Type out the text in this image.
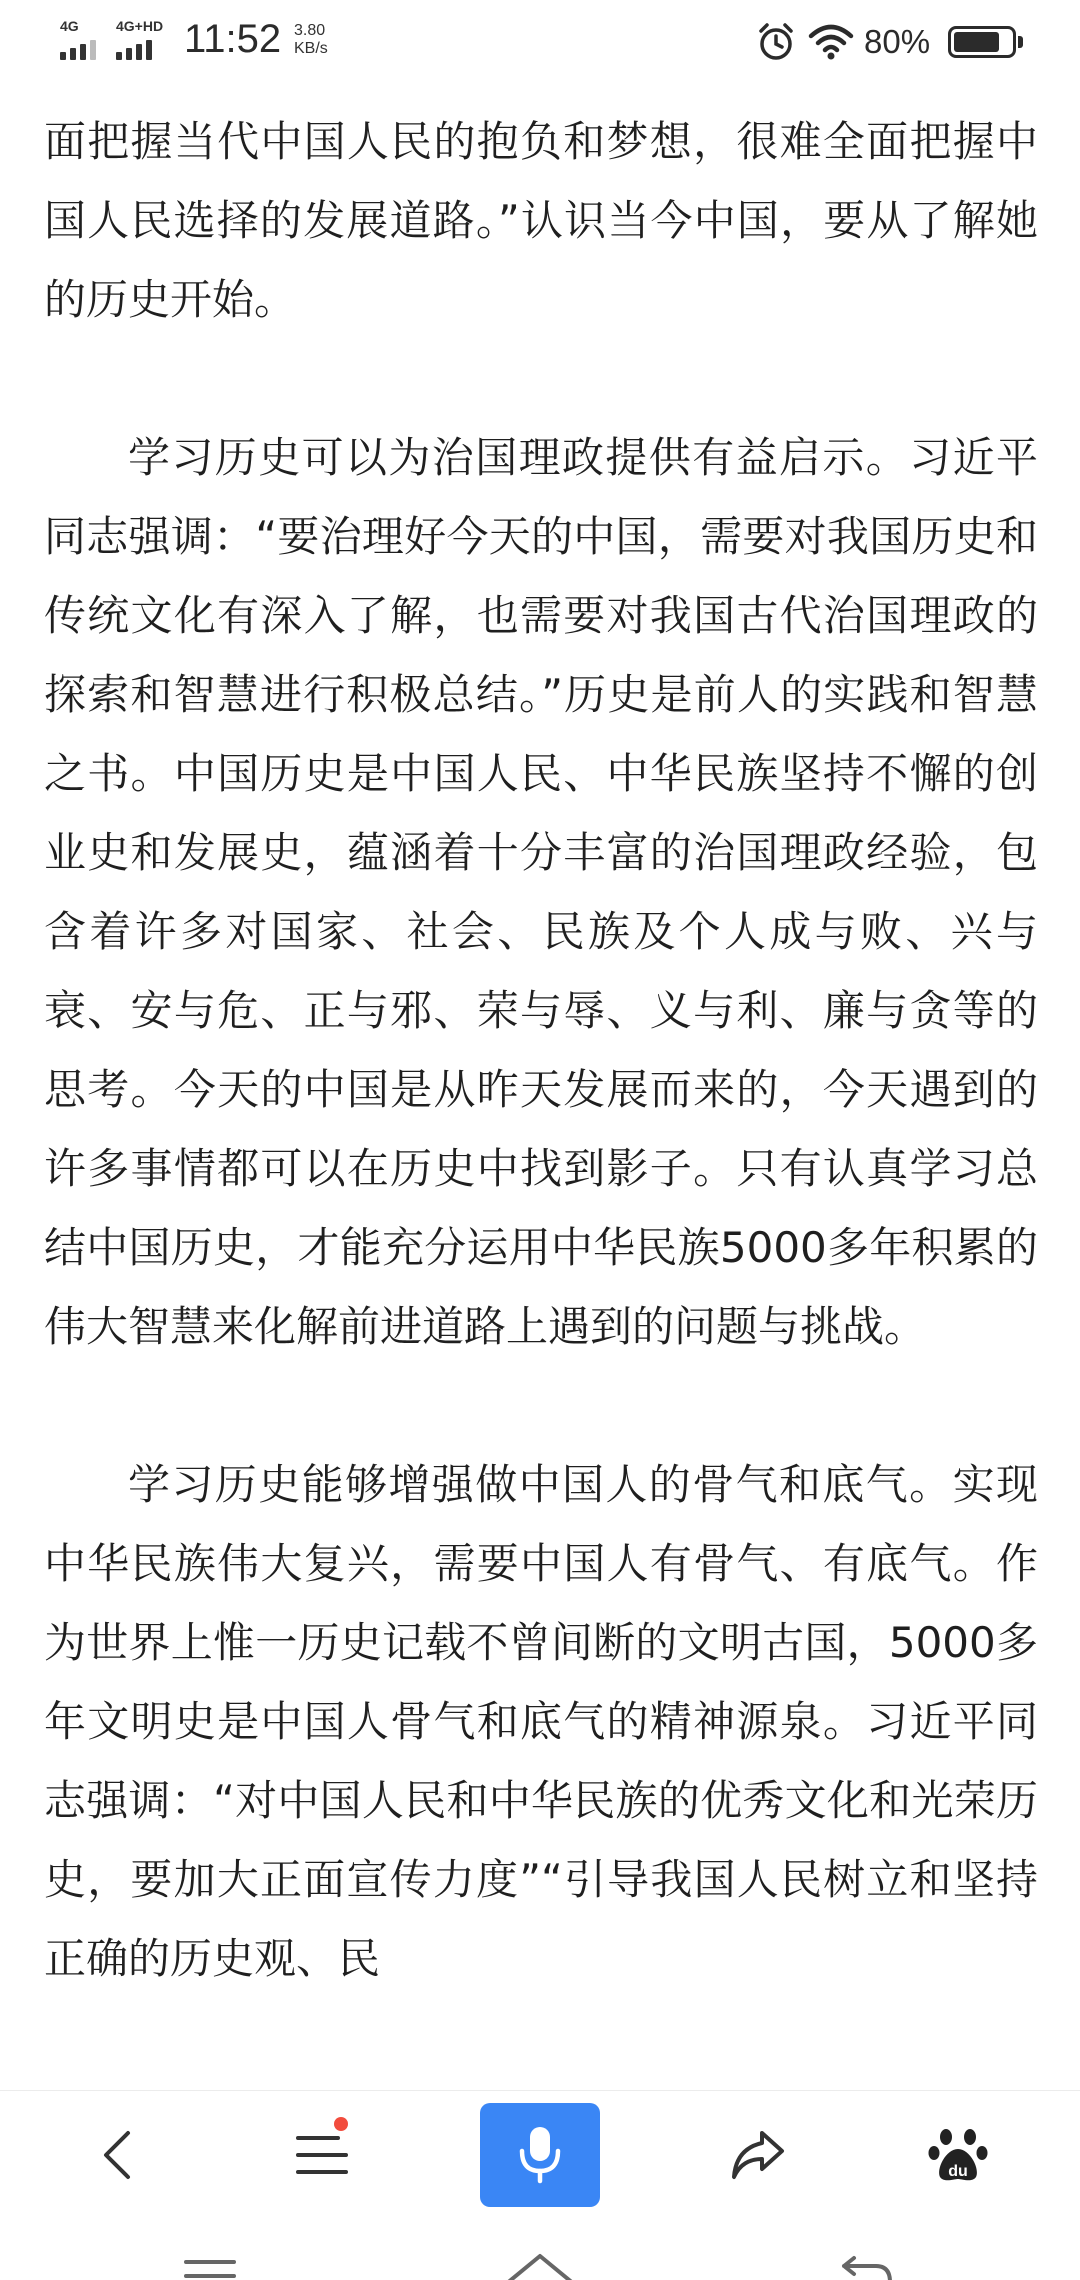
4G	4G+HD 11:52 3.80
KB/s	80%

面把握当代中国人民的抱负和梦想，很难全面把握中国人民选择的发展道路。”认识当今中国，要从了解她的历史开始。

学习历史可以为治国理政提供有益启示。习近平同志强调：“要治理好今天的中国，需要对我国历史和传统文化有深入了解，也需要对我国古代治国理政的探索和智慧进行积极总结。”历史是前人的实践和智慧之书。中国历史是中国人民、中华民族坚持不懈的创业史和发展史，蕴涵着十分丰富的治国理政经验，包含着许多对国家、社会、民族及个人成与败、兴与衰、安与危、正与邪、荣与辱、义与利、廉与贪等的思考。今天的中国是从昨天发展而来的，今天遇到的许多事情都可以在历史中找到影子。只有认真学习总结中国历史，才能充分运用中华民族5000多年积累的伟大智慧来化解前进道路上遇到的问题与挑战。

学习历史能够增强做中国人的骨气和底气。实现中华民族伟大复兴，需要中国人有骨气、有底气。作为世界上惟一历史记载不曾间断的文明古国，5000多年文明史是中国人骨气和底气的精神源泉。习近平同志强调：“对中国人民和中华民族的优秀文化和光荣历史，要加大正面宣传力度”“引导我国人民树立和坚持正确的历史观、民

du
